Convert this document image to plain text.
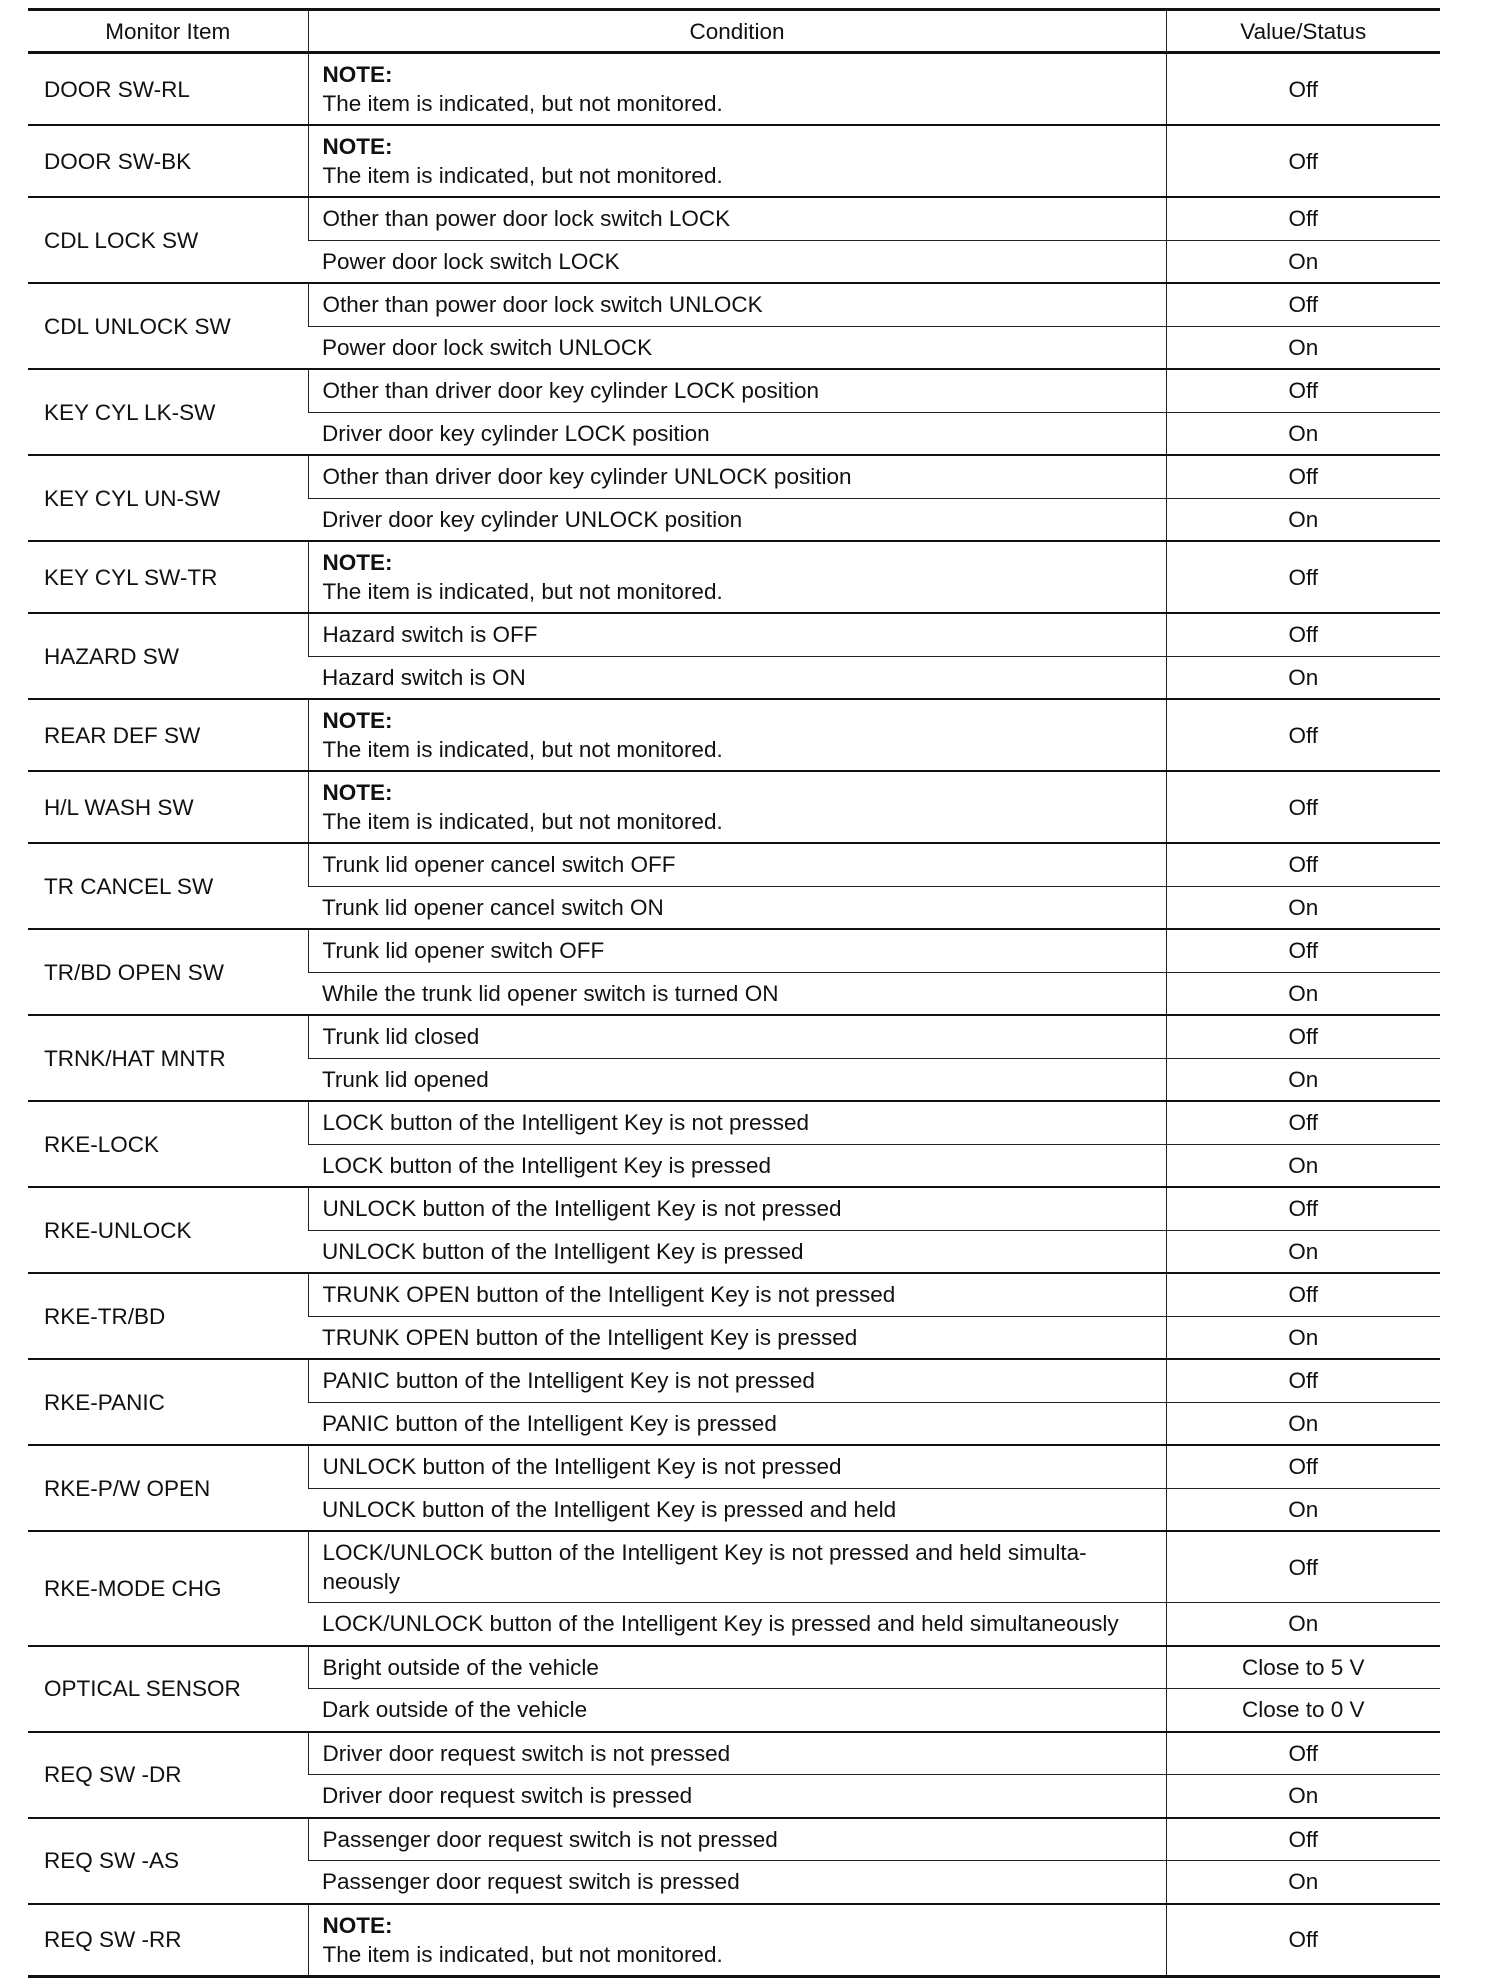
Monitor Item	Condition	Value/Status
DOOR SW-RL	NOTE:
The item is indicated, but not monitored.	Off
DOOR SW-BK	NOTE:
The item is indicated, but not monitored.	Off
CDL LOCK SW	Other than power door lock switch LOCK	Off
	Power door lock switch LOCK	On
CDL UNLOCK SW	Other than power door lock switch UNLOCK	Off
	Power door lock switch UNLOCK	On
KEY CYL LK-SW	Other than driver door key cylinder LOCK position	Off
	Driver door key cylinder LOCK position	On
KEY CYL UN-SW	Other than driver door key cylinder UNLOCK position	Off
	Driver door key cylinder UNLOCK position	On
KEY CYL SW-TR	NOTE:
The item is indicated, but not monitored.	Off
HAZARD SW	Hazard switch is OFF	Off
	Hazard switch is ON	On
REAR DEF SW	NOTE:
The item is indicated, but not monitored.	Off
H/L WASH SW	NOTE:
The item is indicated, but not monitored.	Off
TR CANCEL SW	Trunk lid opener cancel switch OFF	Off
	Trunk lid opener cancel switch ON	On
TR/BD OPEN SW	Trunk lid opener switch OFF	Off
	While the trunk lid opener switch is turned ON	On
TRNK/HAT MNTR	Trunk lid closed	Off
	Trunk lid opened	On
RKE-LOCK	LOCK button of the Intelligent Key is not pressed	Off
	LOCK button of the Intelligent Key is pressed	On
RKE-UNLOCK	UNLOCK button of the Intelligent Key is not pressed	Off
	UNLOCK button of the Intelligent Key is pressed	On
RKE-TR/BD	TRUNK OPEN button of the Intelligent Key is not pressed	Off
	TRUNK OPEN button of the Intelligent Key is pressed	On
RKE-PANIC	PANIC button of the Intelligent Key is not pressed	Off
	PANIC button of the Intelligent Key is pressed	On
RKE-P/W OPEN	UNLOCK button of the Intelligent Key is not pressed	Off
	UNLOCK button of the Intelligent Key is pressed and held	On
RKE-MODE CHG	LOCK/UNLOCK button of the Intelligent Key is not pressed and held simulta-neously	Off
	LOCK/UNLOCK button of the Intelligent Key is pressed and held simultaneously	On
OPTICAL SENSOR	Bright outside of the vehicle	Close to 5 V
	Dark outside of the vehicle	Close to 0 V
REQ SW -DR	Driver door request switch is not pressed	Off
	Driver door request switch is pressed	On
REQ SW -AS	Passenger door request switch is not pressed	Off
	Passenger door request switch is pressed	On
REQ SW -RR	NOTE:
The item is indicated, but not monitored.	Off
